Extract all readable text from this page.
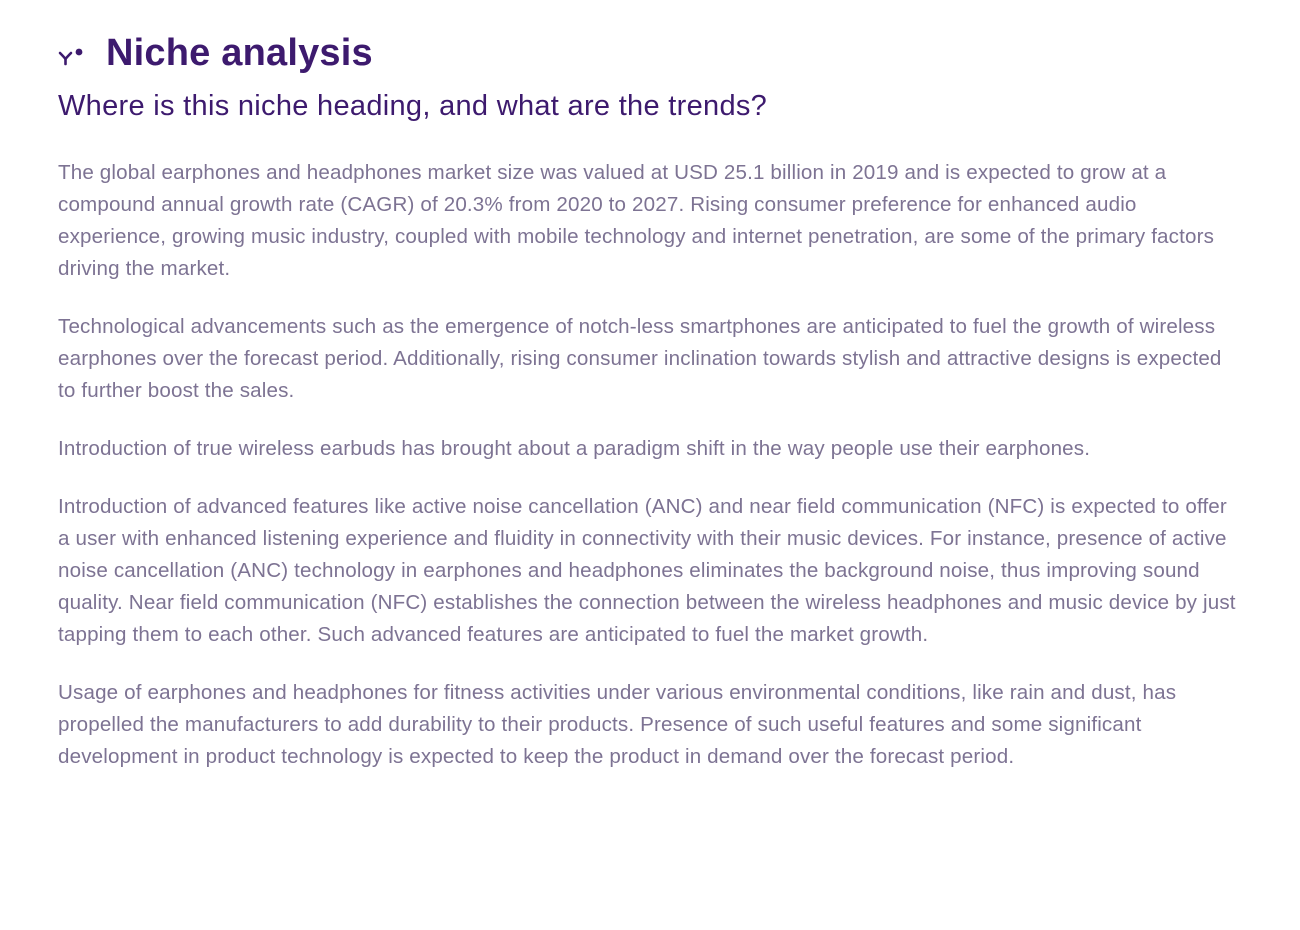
Niche analysis
Where is this niche heading, and what are the trends?

The global earphones and headphones market size was valued at USD 25.1 billion in 2019 and is expected to grow at a compound annual growth rate (CAGR) of 20.3% from 2020 to 2027. Rising consumer preference for enhanced audio experience, growing music industry, coupled with mobile technology and internet penetration, are some of the primary factors driving the market.

Technological advancements such as the emergence of notch-less smartphones are anticipated to fuel the growth of wireless earphones over the forecast period. Additionally, rising consumer inclination towards stylish and attractive designs is expected to further boost the sales.

Introduction of true wireless earbuds has brought about a paradigm shift in the way people use their earphones.

Introduction of advanced features like active noise cancellation (ANC) and near field communication (NFC) is expected to offer a user with enhanced listening experience and fluidity in connectivity with their music devices. For instance, presence of active noise cancellation (ANC) technology in earphones and headphones eliminates the background noise, thus improving sound quality. Near field communication (NFC) establishes the connection between the wireless headphones and music device by just tapping them to each other. Such advanced features are anticipated to fuel the market growth.

Usage of earphones and headphones for fitness activities under various environmental conditions, like rain and dust, has propelled the manufacturers to add durability to their products. Presence of such useful features and some significant development in product technology is expected to keep the product in demand over the forecast period.
